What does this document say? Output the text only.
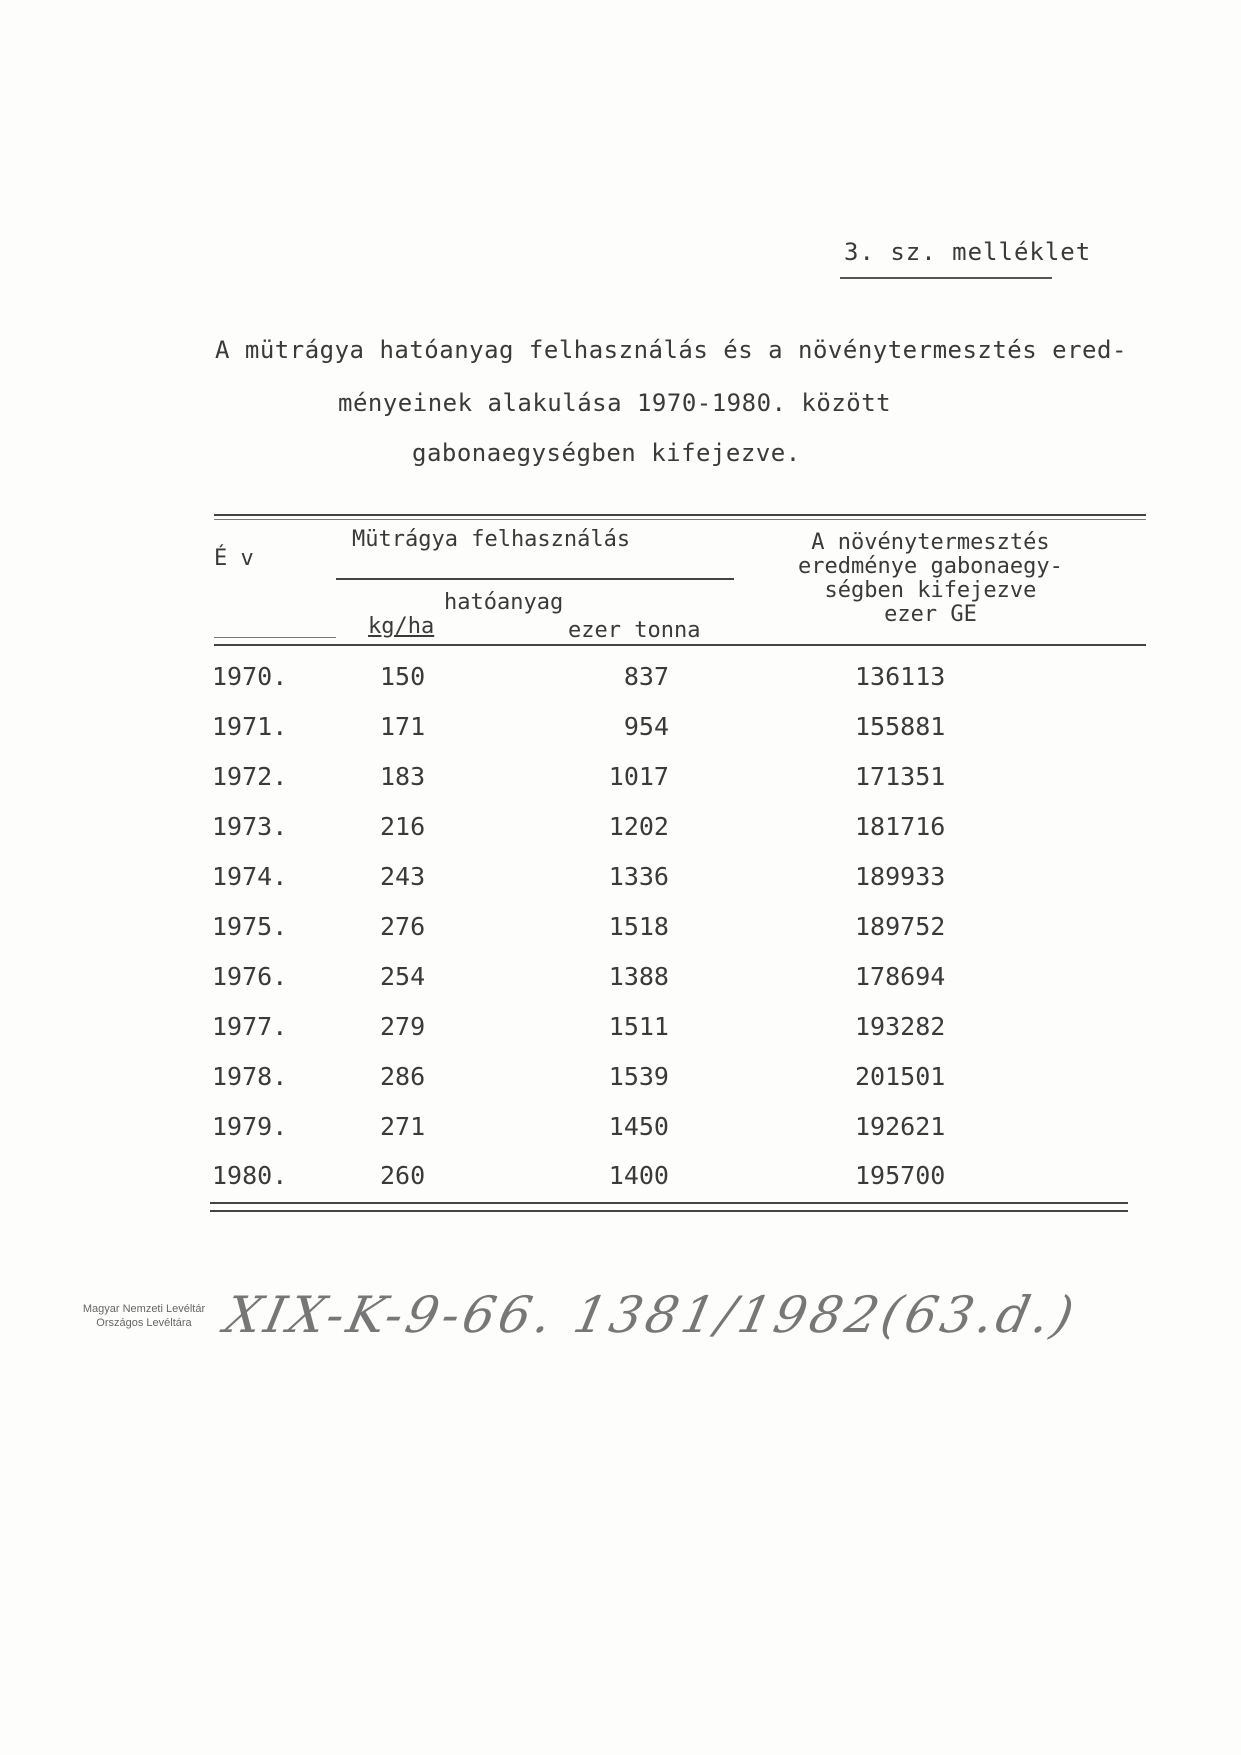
3. sz. melléklet
A mütrágya hatóanyag felhasználás és a növénytermesztés ered-
ményeinek alakulása 1970-1980. között
gabonaegységben kifejezve.
É v
Mütrágya felhasználás
hatóanyag
kg/ha	ezer tonna
A növénytermesztés
eredménye gabonaegy-
ségben kifejezve
ezer GE
1970.	150	837	136113
1971.	171	954	155881
1972.	183	1017	171351
1973.	216	1202	181716
1974.	243	1336	189933
1975.	276	1518	189752
1976.	254	1388	178694
1977.	279	1511	193282
1978.	286	1539	201501
1979.	271	1450	192621
1980.	260	1400	195700
Magyar Nemzeti Levéltár
Országos Levéltára XIX-K-9-66. 1381/1982(63.d.)
